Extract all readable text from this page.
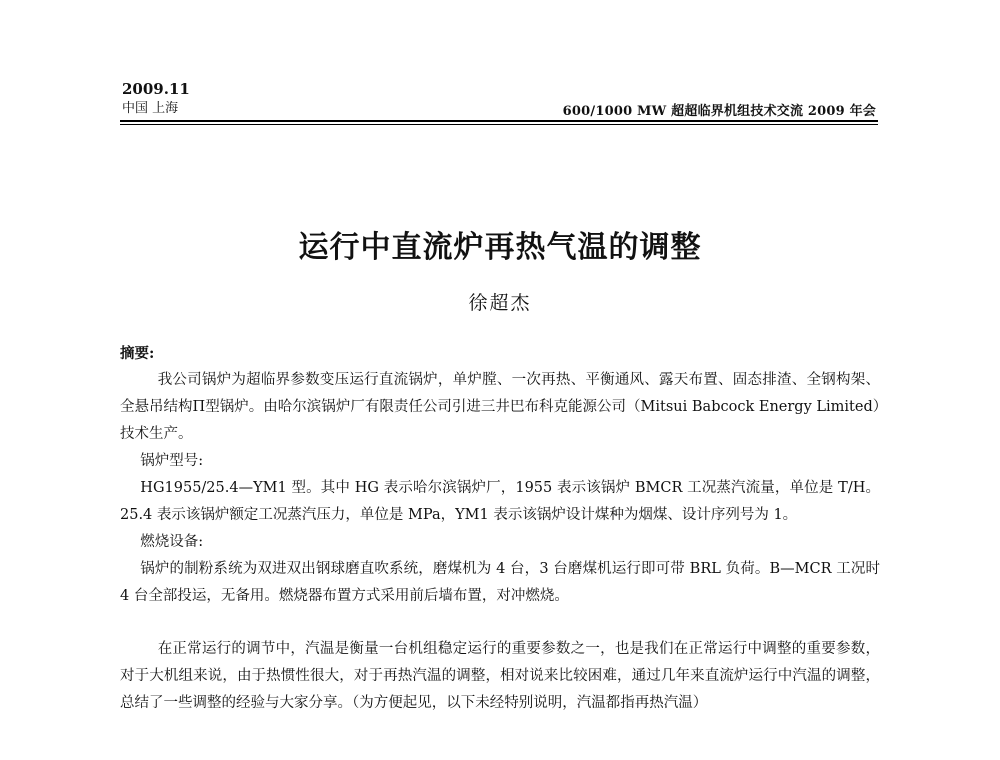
2009.11
中国 上海	600/1000 MW 超超临界机组技术交流 2009 年会
运行中直流炉再热气温的调整
徐超杰

摘要:

我公司锅炉为超临界参数变压运行直流锅炉，单炉膛、一次再热、平衡通风、露天布置、固态排渣、全钢构架、全悬吊结构Π型锅炉。由哈尔滨锅炉厂有限责任公司引进三井巴布科克能源公司（Mitsui Babcock Energy Limited）技术生产。

锅炉型号:

HG1955/25.4—YM1 型。其中 HG 表示哈尔滨锅炉厂，1955 表示该锅炉 BMCR 工况蒸汽流量，单位是 T/H。25.4 表示该锅炉额定工况蒸汽压力，单位是 MPa，YM1 表示该锅炉设计煤种为烟煤、设计序列号为 1。

燃烧设备:

锅炉的制粉系统为双进双出钢球磨直吹系统，磨煤机为 4 台，3 台磨煤机运行即可带 BRL 负荷。B—MCR 工况时 4 台全部投运，无备用。燃烧器布置方式采用前后墙布置，对冲燃烧。

在正常运行的调节中，汽温是衡量一台机组稳定运行的重要参数之一，也是我们在正常运行中调整的重要参数，对于大机组来说，由于热惯性很大，对于再热汽温的调整，相对说来比较困难，通过几年来直流炉运行中汽温的调整，总结了一些调整的经验与大家分享。（为方便起见，以下未经特别说明，汽温都指再热汽温）
